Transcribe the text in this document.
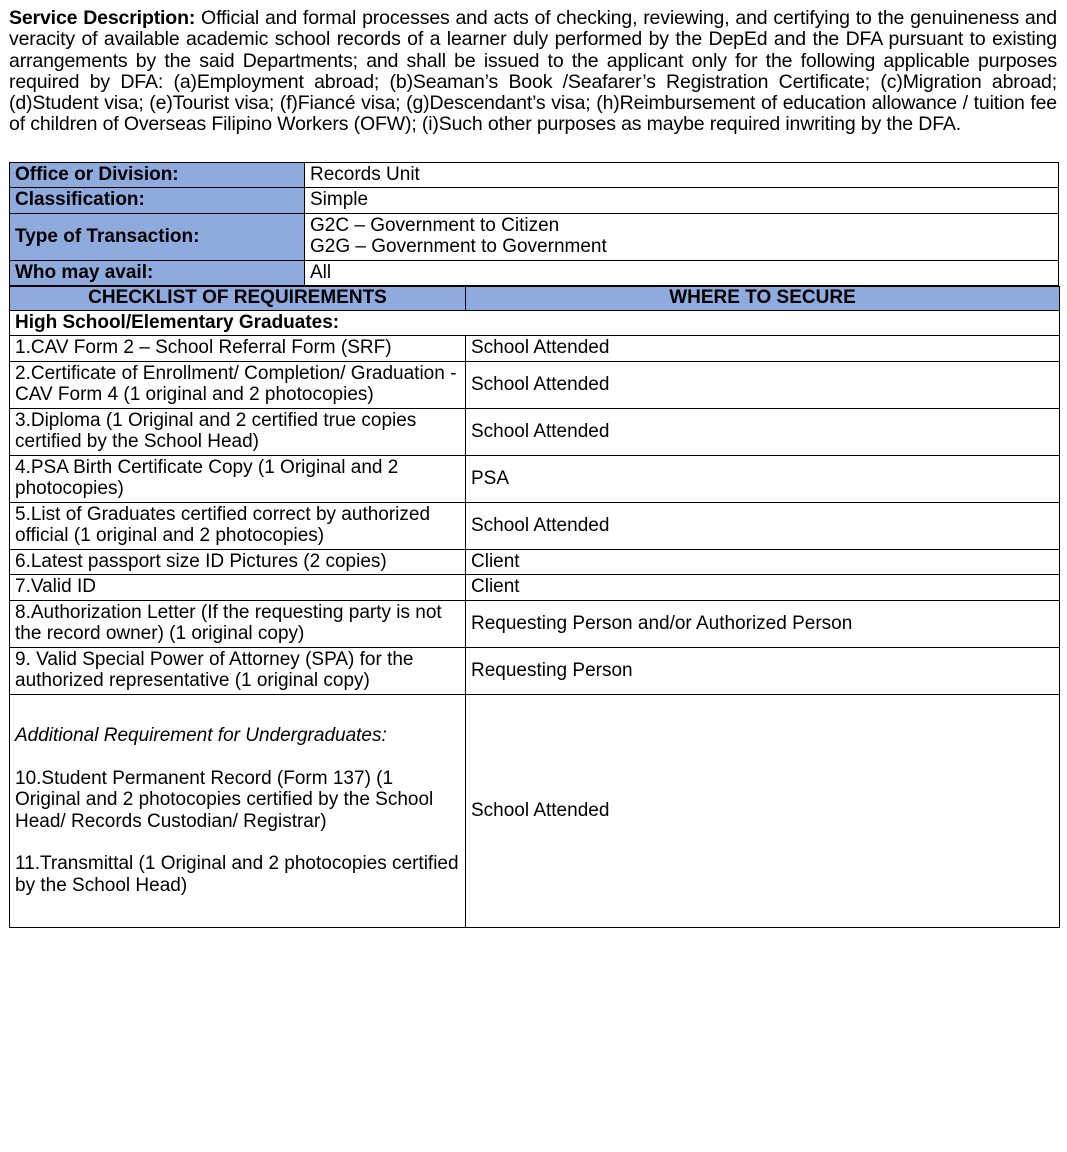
Service Description: Official and formal processes and acts of checking, reviewing, and certifying to the genuineness and veracity of available academic school records of a learner duly performed by the DepEd and the DFA pursuant to existing arrangements by the said Departments; and shall be issued to the applicant only for the following applicable purposes required by DFA: (a)Employment abroad; (b)Seaman’s Book /Seafarer’s Registration Certificate; (c)Migration abroad; (d)Student visa; (e)Tourist visa; (f)Fiancé visa; (g)Descendant’s visa; (h)Reimbursement of education allowance / tuition fee of children of Overseas Filipino Workers (OFW); (i)Such other purposes as maybe required inwriting by the DFA.

Office or Division:	Records Unit
Classification:	Simple
Type of Transaction:	G2C – Government to Citizen
G2G – Government to Government

Who may avail:	All
CHECKLIST OF REQUIREMENTS	WHERE TO SECURE
High School/Elementary Graduates:	
1.CAV Form 2 – School Referral Form (SRF)	School Attended
2.Certificate of Enrollment/ Completion/ Graduation - CAV Form 4 (1 original and 2 photocopies)	School Attended
3.Diploma (1 Original and 2 certified true copies certified by the School Head)	School Attended
4.PSA Birth Certificate Copy (1 Original and 2 photocopies)	PSA
5.List of Graduates certified correct by authorized official (1 original and 2 photocopies)	School Attended
6.Latest passport size ID Pictures (2 copies)	Client
7.Valid ID	Client
8.Authorization Letter (If the requesting party is not the record owner) (1 original copy)	Requesting Person and/or Authorized Person
9. Valid Special Power of Attorney (SPA) for the authorized representative (1 original copy)	Requesting Person

Additional Requirement for Undergraduates:
10.Student Permanent Record (Form 137) (1 Original and 2 photocopies certified by the School Head/ Records Custodian/ Registrar)
11.Transmittal (1 Original and 2 photocopies certified by the School Head)	School Attended
